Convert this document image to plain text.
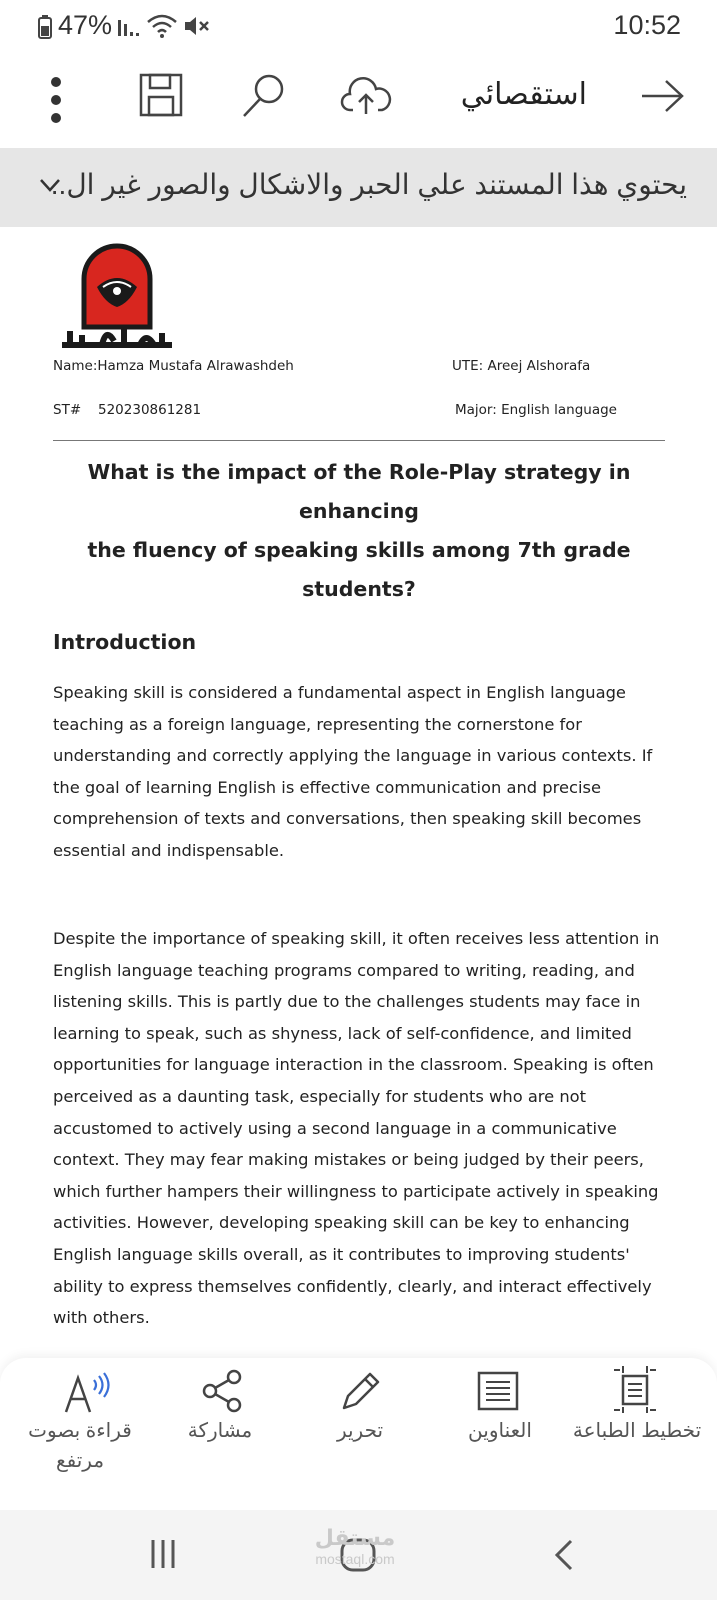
47%	10:52
استقصائي
يحتوي هذا المستند علي الحبر والاشكال والصور غير ال..
Name:Hamza Mustafa Alrawashdeh	UTE: Areej Alshorafa
ST# 520230861281	Major: English language
What is the impact of the Role-Play strategy in enhancing
the fluency of speaking skills among 7th grade students?
Introduction
Speaking skill is considered a fundamental aspect in English language
teaching as a foreign language, representing the cornerstone for
understanding and correctly applying the language in various contexts. If
the goal of learning English is effective communication and precise
comprehension of texts and conversations, then speaking skill becomes
essential and indispensable.
Despite the importance of speaking skill, it often receives less attention in
English language teaching programs compared to writing, reading, and
listening skills. This is partly due to the challenges students may face in
learning to speak, such as shyness, lack of self-confidence, and limited
opportunities for language interaction in the classroom. Speaking is often
perceived as a daunting task, especially for students who are not
accustomed to actively using a second language in a communicative
context. They may fear making mistakes or being judged by their peers,
which further hampers their willingness to participate actively in speaking
activities. However, developing speaking skill can be key to enhancing
English language skills overall, as it contributes to improving students'
ability to express themselves confidently, clearly, and interact effectively
with others.
قراءة بصوت
مرتفع
مشاركة	تحرير	العناوين	تخطيط الطباعة
مستقل
mostaql.com
